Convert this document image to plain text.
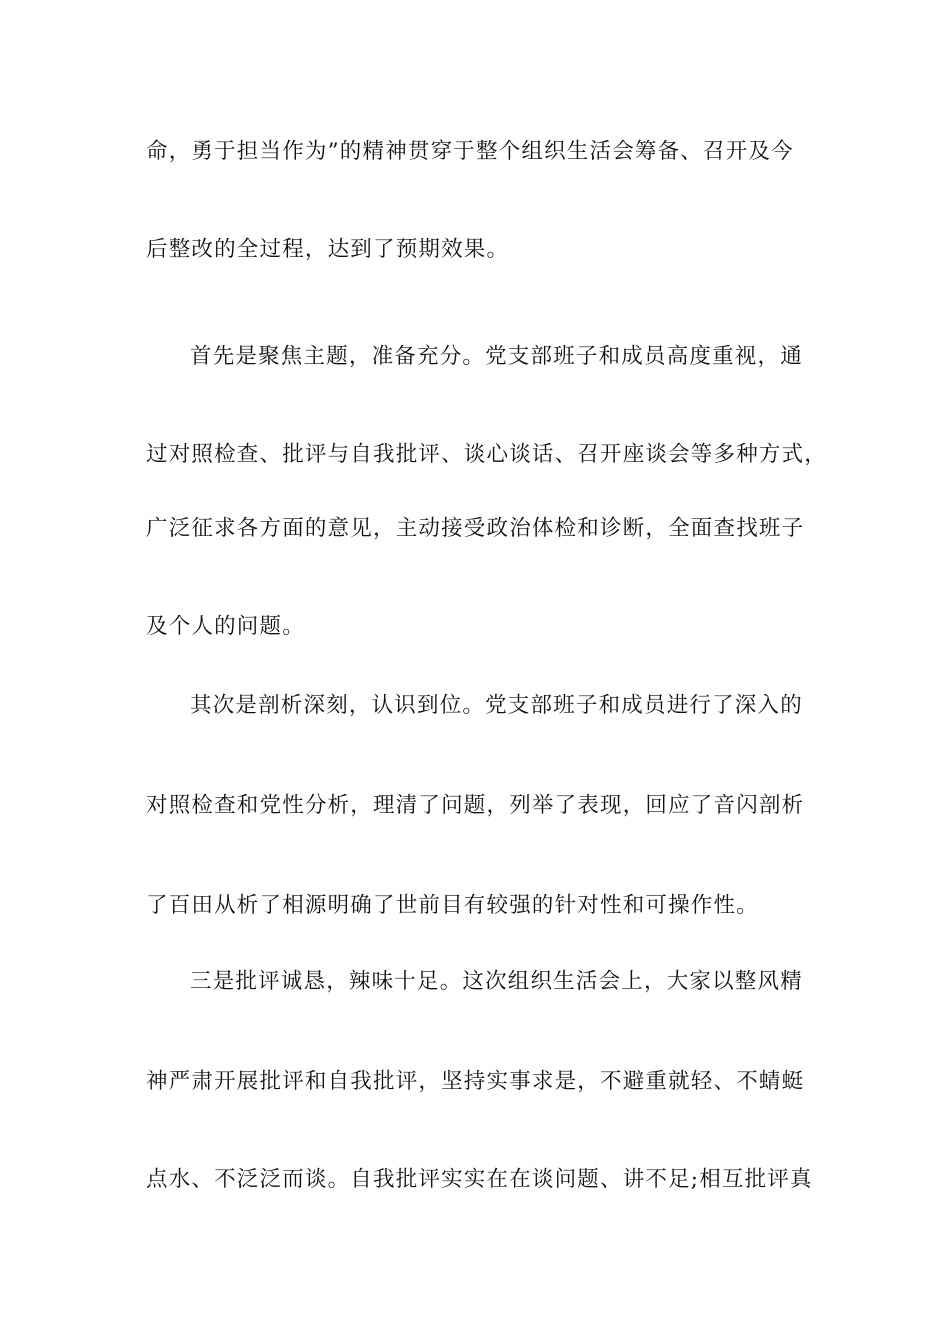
命，勇于担当作为”的精神贯穿于整个组织生活会筹备、召开及今
后整改的全过程，达到了预期效果。
首先是聚焦主题，准备充分。党支部班子和成员高度重视，通
过对照检查、批评与自我批评、谈心谈话、召开座谈会等多种方式，
广泛征求各方面的意见，主动接受政治体检和诊断，全面查找班子
及个人的问题。
其次是剖析深刻，认识到位。党支部班子和成员进行了深入的
对照检查和党性分析，理清了问题，列举了表现，回应了音闪剖析
了百田从析了相源明确了世前目有较强的针对性和可操作性。
三是批评诚恳，辣味十足。这次组织生活会上，大家以整风精
神严肃开展批评和自我批评，坚持实事求是，不避重就轻、不蜻蜓
点水、不泛泛而谈。自我批评实实在在谈问题、讲不足;相互批评真
